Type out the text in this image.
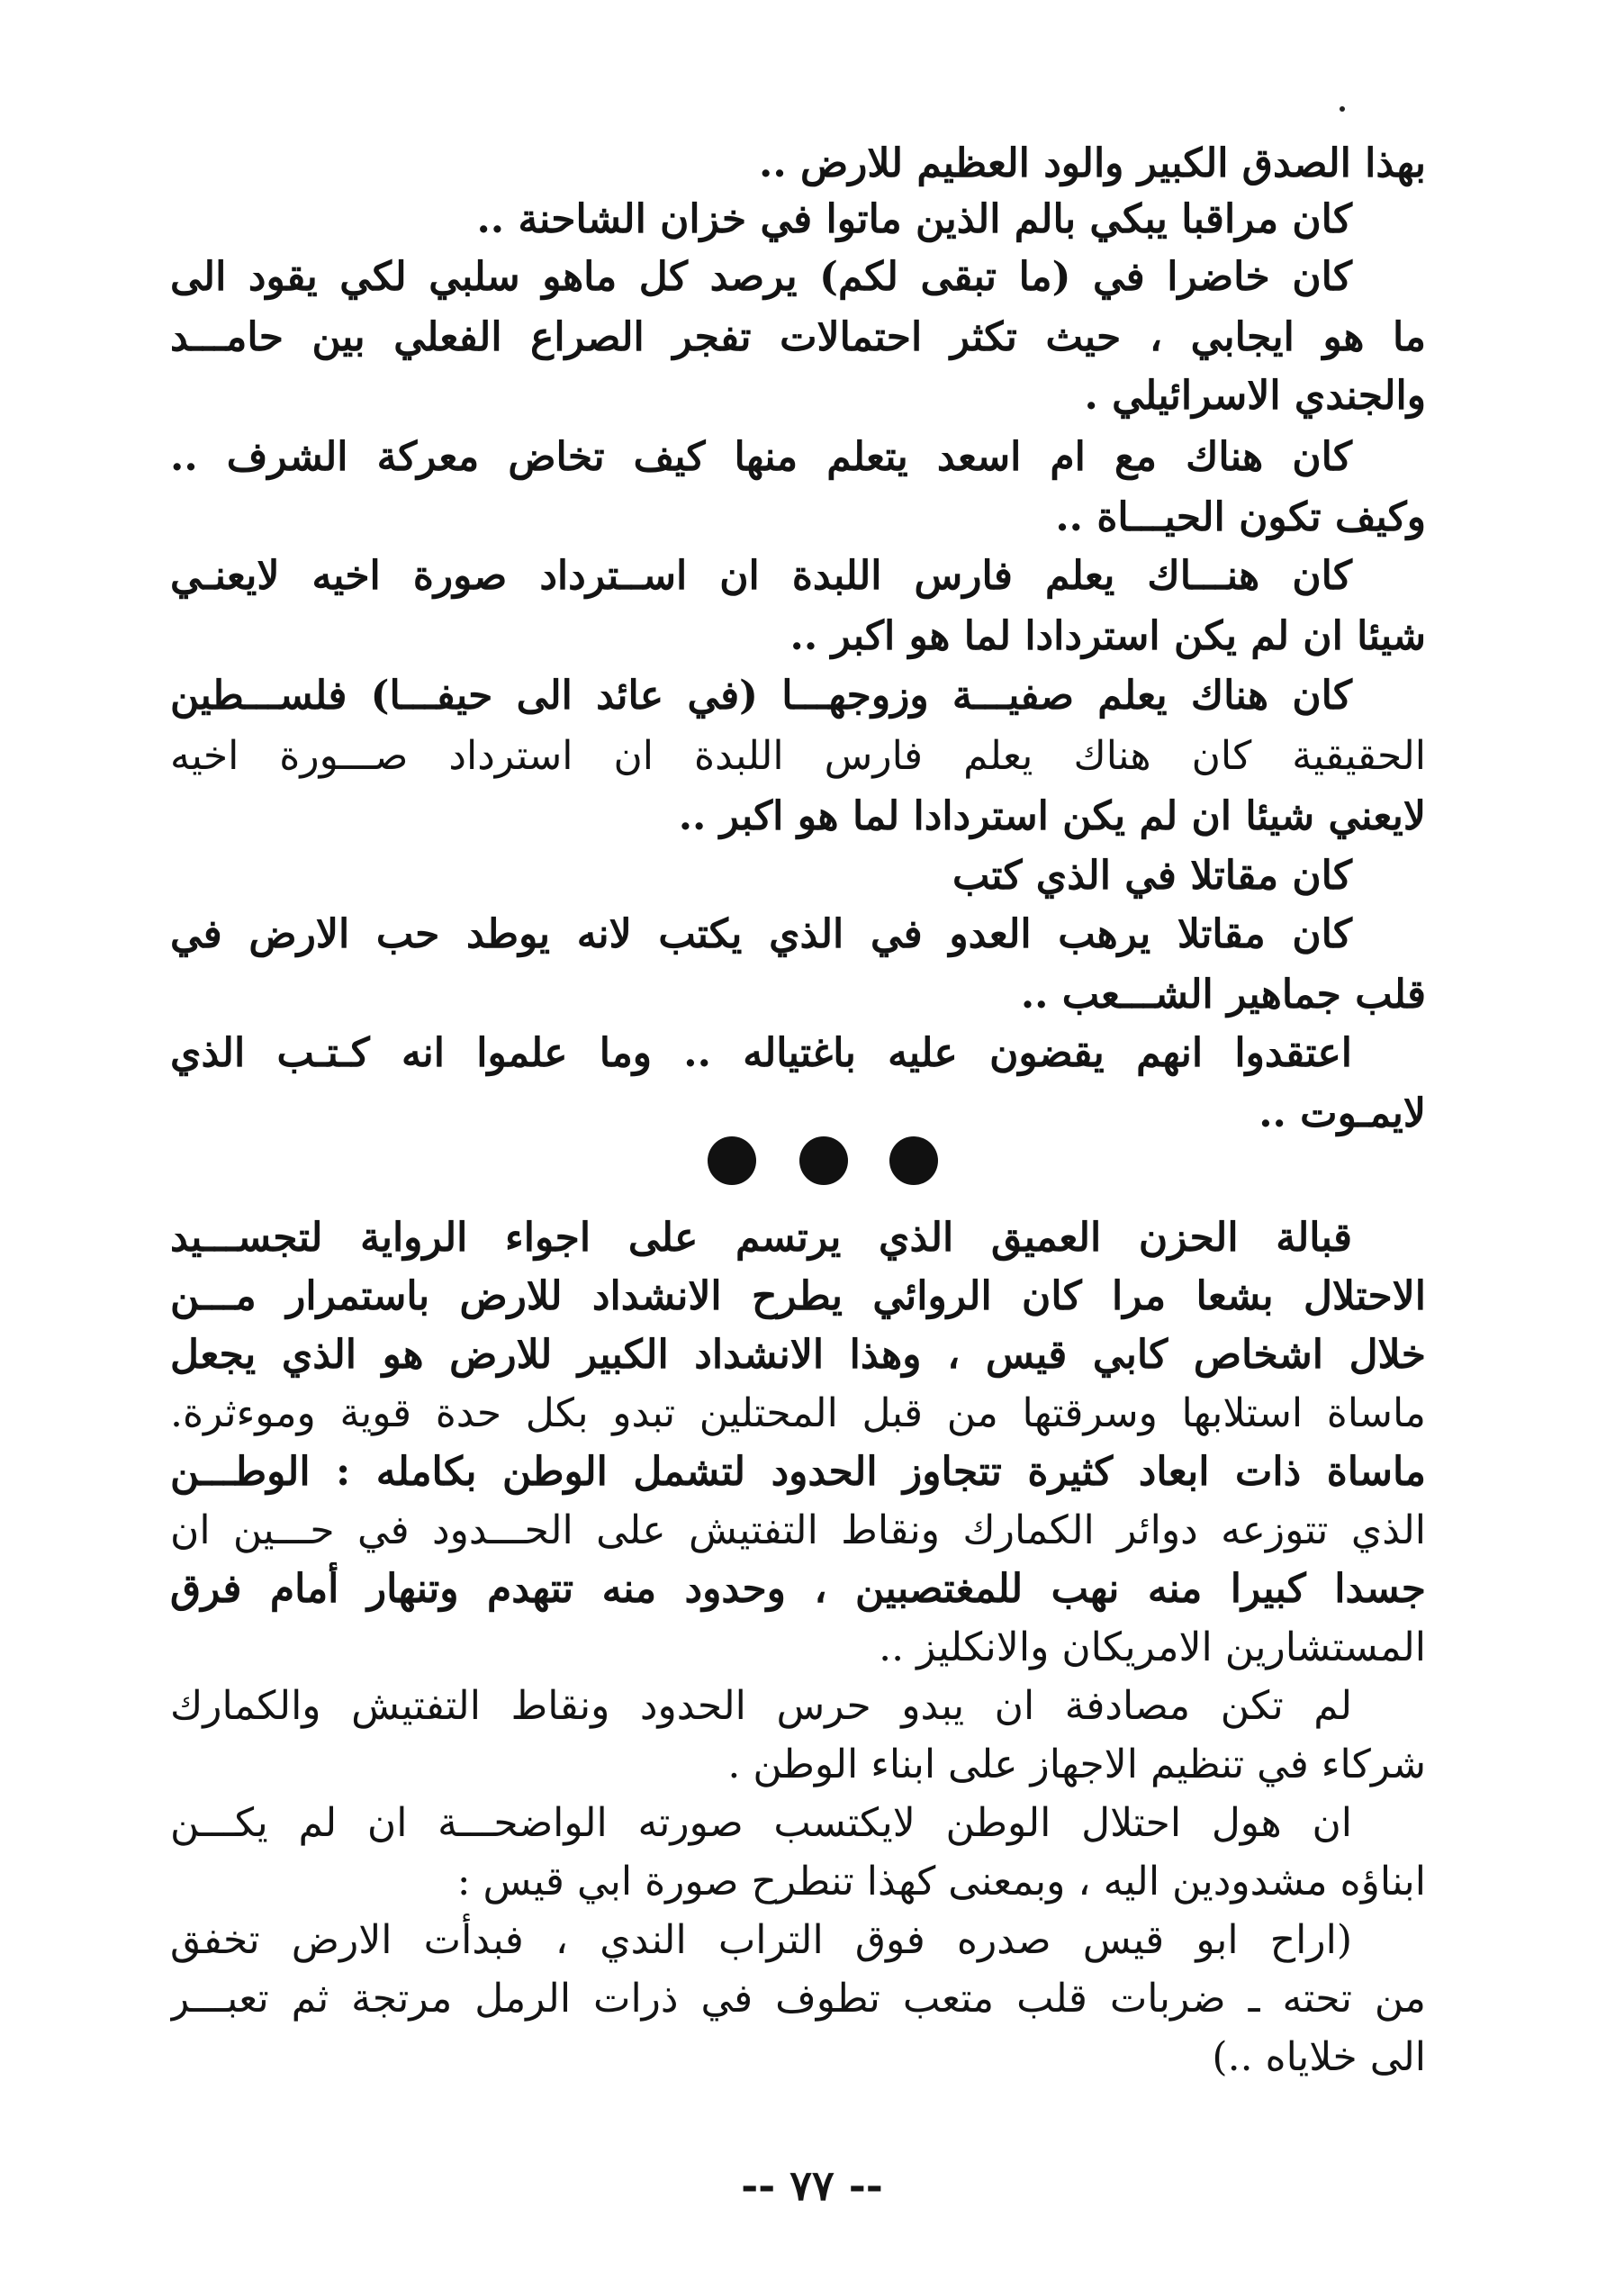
بهذا الصدق الكبير والود العظيم للارض ..
كان مراقبا يبكي بالم الذين ماتوا في خزان الشاحنة ..
كان خاضرا في (ما تبقى لكم) يرصد كل ماهو سلبي لكي يقود الى
ما هو ايجابي ، حيث تكثر احتمالات تفجر الصراع الفعلي بين حامـــد
والجندي الاسرائيلي .
كان هناك مع ام اسعد يتعلم منها كيف تخاض معركة الشرف ..
وكيف تكون الحيـــاة ..
كان هنـــاك يعلم فارس اللبدة ان اســترداد صورة اخيه لايعنـي
شيئا ان لم يكن استردادا لما هو اكبر ..
كان هناك يعلم صفيـــة وزوجهـــا (في عائد الى حيفـــا) فلســـطين
الحقيقية كان هناك يعلم فارس اللبدة ان استرداد صـــورة اخيه
لايعني شيئا ان لم يكن استردادا لما هو اكبر ..
كان مقاتلا في الذي كتب
كان مقاتلا يرهب العدو في الذي يكتب لانه يوطد حب الارض في
قلب جماهير الشـــعب ..
اعتقدوا انهم يقضون عليه باغتياله .. وما علموا انه كـتـب الذي
لايمـوت ..
قبالة الحزن العميق الذي يرتسم على اجواء الرواية لتجســـيد
الاحتلال بشعا مرا كان الروائي يطرح الانشداد للارض باستمرار مـــن
خلال اشخاص كابي قيس ، وهذا الانشداد الكبير للارض هو الذي يجعل
ماساة استلابها وسرقتها من قبل المحتلين تبدو بكل حدة قوية وموءثرة.
ماساة ذات ابعاد كثيرة تتجاوز الحدود لتشمل الوطن بكامله : الوطـــن
الذي تتوزعه دوائر الكمارك ونقاط التفتيش على الحـــدود في حـــين ان
جسدا كبيرا منه نهب للمغتصبين ، وحدود منه تتهدم وتنهار أمام فرق
المستشارين الامريكان والانكليز ..
لم تكن مصادفة ان يبدو حرس الحدود ونقاط التفتيش والكمارك
شركاء في تنظيم الاجهاز على ابناء الوطن .
ان هول احتلال الوطن لايكتسب صورته الواضحـــة ان لم يكـــن
ابناؤه مشدودين اليه ، وبمعنى كهذا تنطرح صورة ابي قيس :
(اراح ابو قيس صدره فوق التراب الندي ، فبدأت الارض تخفق
من تحته ـ ضربات قلب متعب تطوف في ذرات الرمل مرتجة ثم تعبـــر
الى خلاياه ..)
-- ٧٧ --
